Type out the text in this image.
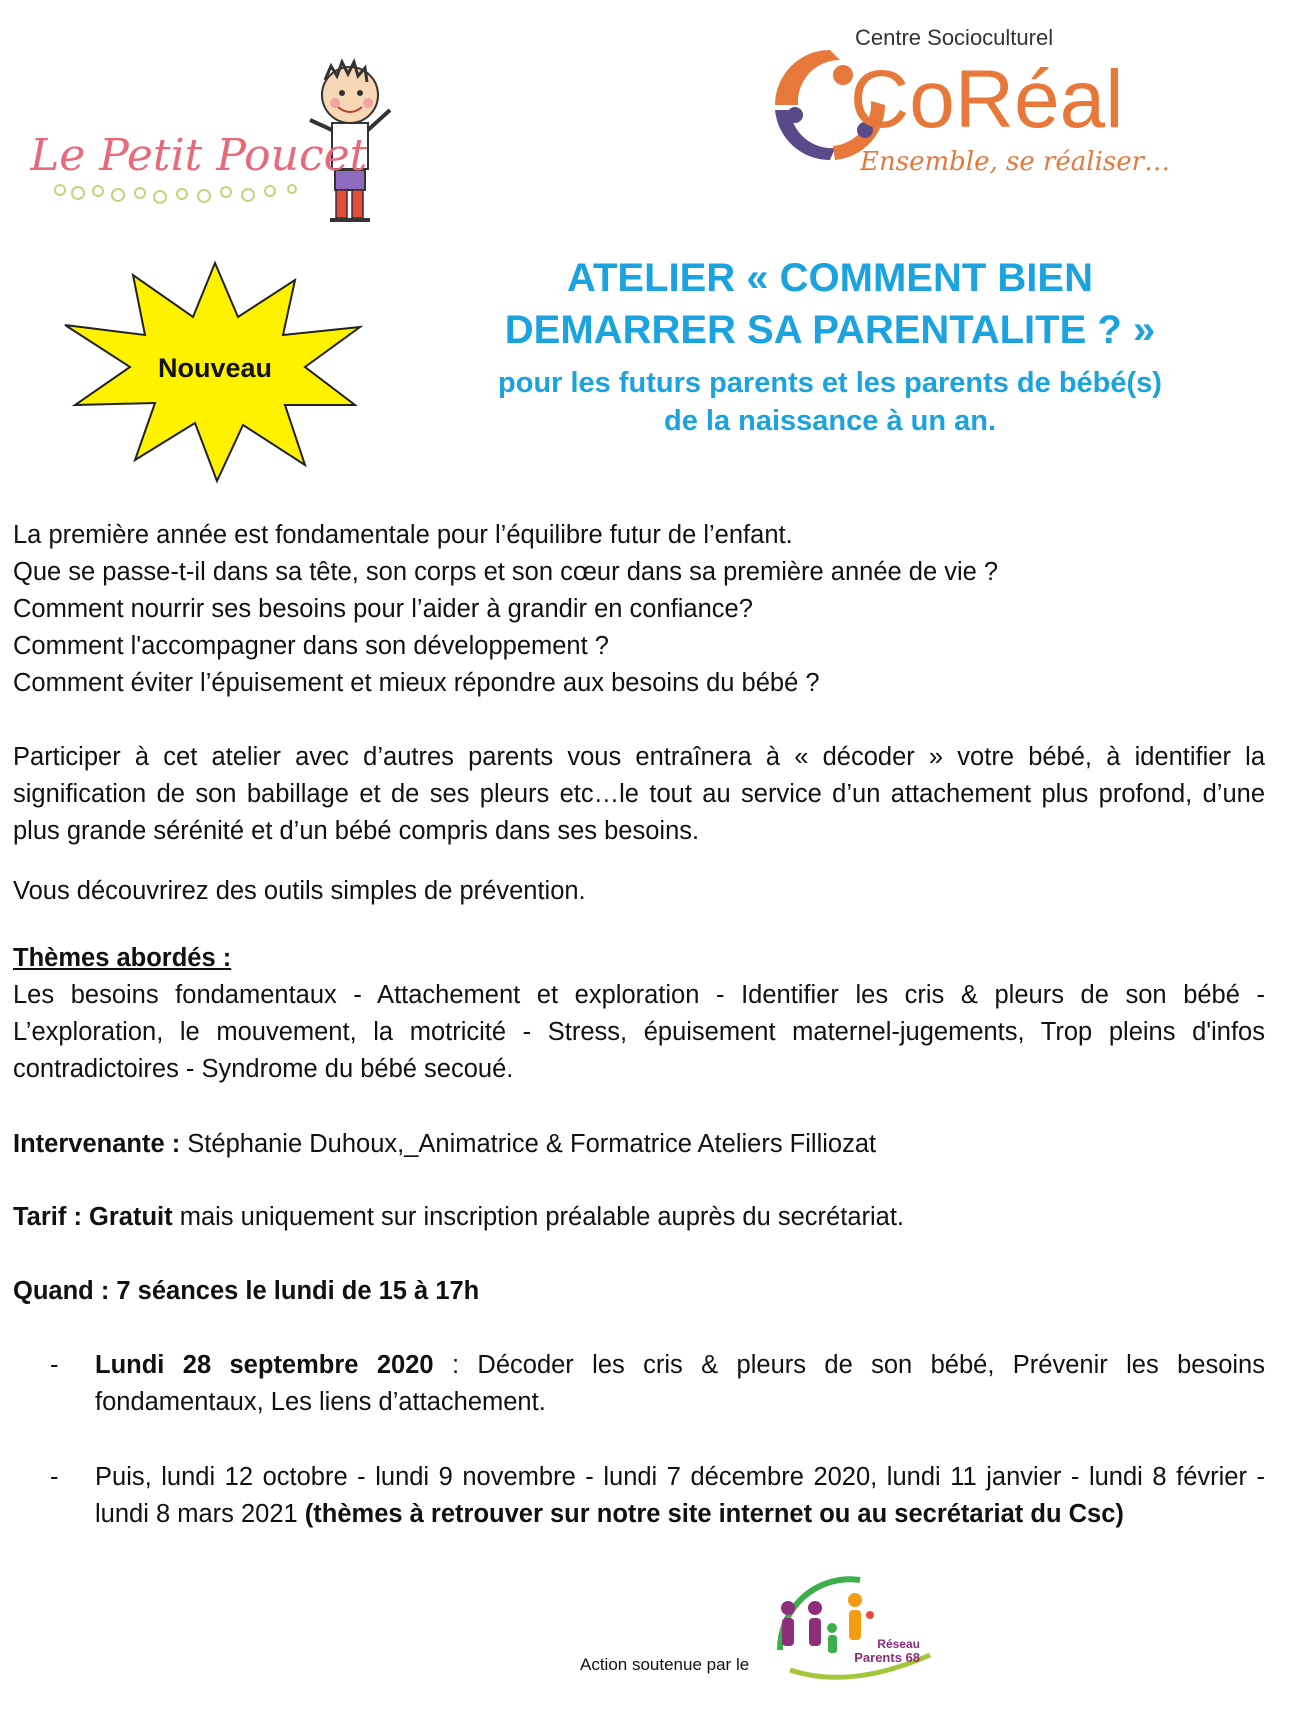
Le Petit Poucet
Centre Socioculturel
CoRéal
Ensemble, se réaliser…
Nouveau
ATELIER « COMMENT BIEN
DEMARRER SA PARENTALITE ? »
pour les futurs parents et les parents de bébé(s)
de la naissance à un an.

La première année est fondamentale pour l’équilibre futur de l’enfant.

Que se passe-t-il dans sa tête, son corps et son cœur dans sa première année de vie ?

Comment nourrir ses besoins pour l’aider à grandir en confiance?

Comment l'accompagner dans son développement ?

Comment éviter l’épuisement et mieux répondre aux besoins du bébé ?

Participer à cet atelier avec d’autres parents vous entraînera à « décoder » votre bébé, à identifier la signification de son babillage et de ses pleurs etc…le tout au service d’un attachement plus profond, d’une plus grande sérénité et d’un bébé compris dans ses besoins.
Vous découvrirez des outils simples de prévention.
Thèmes abordés :
Les besoins fondamentaux - Attachement et exploration - Identifier les cris & pleurs de son bébé - L’exploration, le mouvement, la motricité - Stress, épuisement maternel-jugements, Trop pleins d'infos contradictoires - Syndrome du bébé secoué.
Intervenante : Stéphanie Duhoux,_Animatrice & Formatrice Ateliers Filliozat
Tarif : Gratuit mais uniquement sur inscription préalable auprès du secrétariat.
Quand : 7 séances le lundi de 15 à 17h
- Lundi 28 septembre 2020 : Décoder les cris & pleurs de son bébé, Prévenir les besoins fondamentaux, Les liens d’attachement.
- Puis, lundi 12 octobre - lundi 9 novembre - lundi 7 décembre 2020, lundi 11 janvier - lundi 8 février - lundi 8 mars 2021 (thèmes à retrouver sur notre site internet ou au secrétariat du Csc)
Action soutenue par le
Réseau
Parents 68
